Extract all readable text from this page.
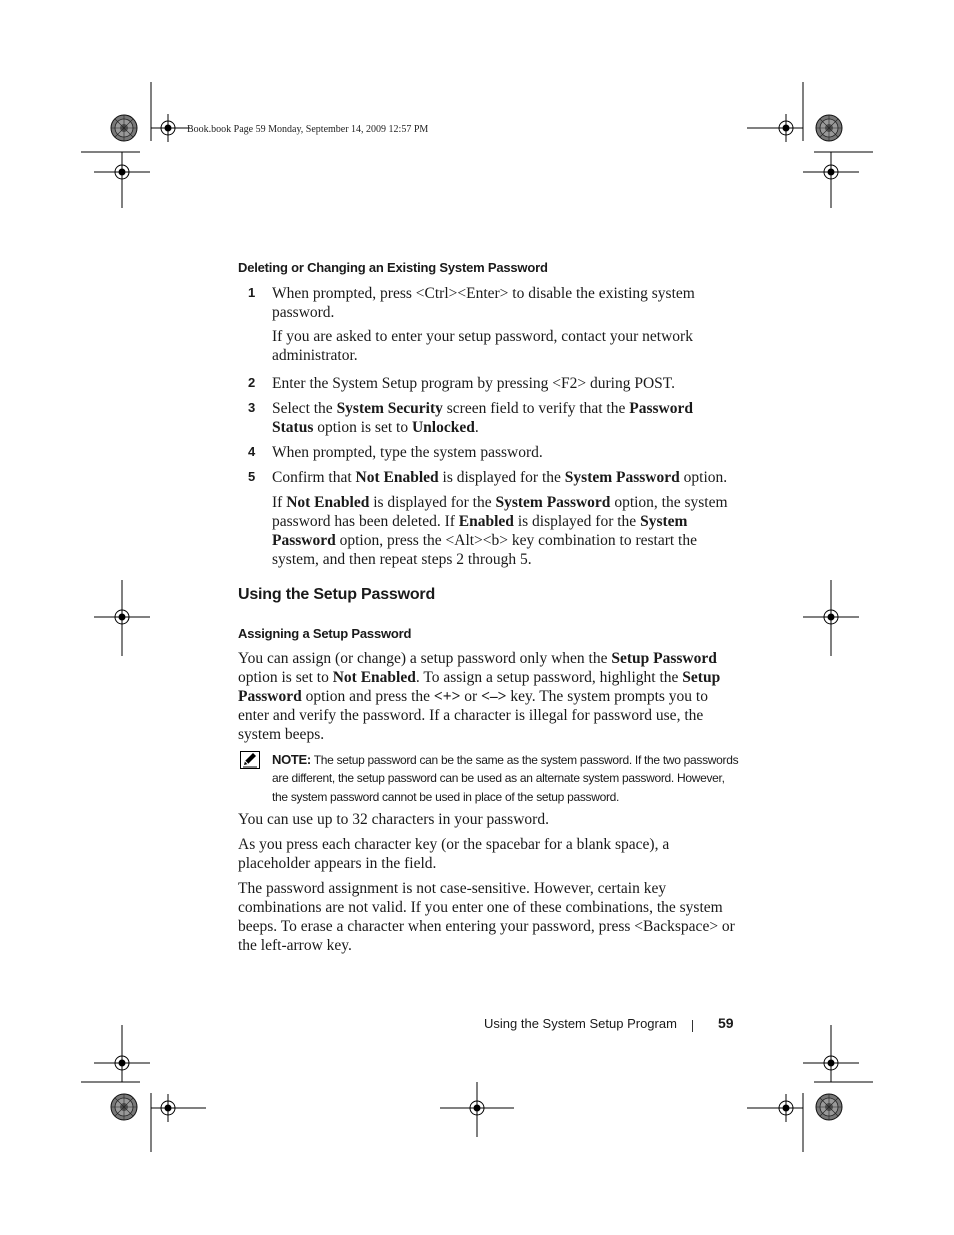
Book.book Page 59 Monday, September 14, 2009 12:57 PM
Deleting or Changing an Existing System Password
1 When prompted, press <Ctrl><Enter> to disable the existing system password.
If you are asked to enter your setup password, contact your network administrator.
2 Enter the System Setup program by pressing <F2> during POST.
3 Select the System Security screen field to verify that the Password Status option is set to Unlocked.
4 When prompted, type the system password.
5 Confirm that Not Enabled is displayed for the System Password option.
If Not Enabled is displayed for the System Password option, the system password has been deleted. If Enabled is displayed for the System Password option, press the <Alt><b> key combination to restart the system, and then repeat steps 2 through 5.
Using the Setup Password
Assigning a Setup Password
You can assign (or change) a setup password only when the Setup Password option is set to Not Enabled. To assign a setup password, highlight the Setup Password option and press the <+> or <–> key. The system prompts you to enter and verify the password. If a character is illegal for password use, the system beeps.
NOTE: The setup password can be the same as the system password. If the two passwords are different, the setup password can be used as an alternate system password. However, the system password cannot be used in place of the setup password.
You can use up to 32 characters in your password.
As you press each character key (or the spacebar for a blank space), a placeholder appears in the field.
The password assignment is not case-sensitive. However, certain key combinations are not valid. If you enter one of these combinations, the system beeps. To erase a character when entering your password, press <Backspace> or the left-arrow key.
Using the System Setup Program	59
